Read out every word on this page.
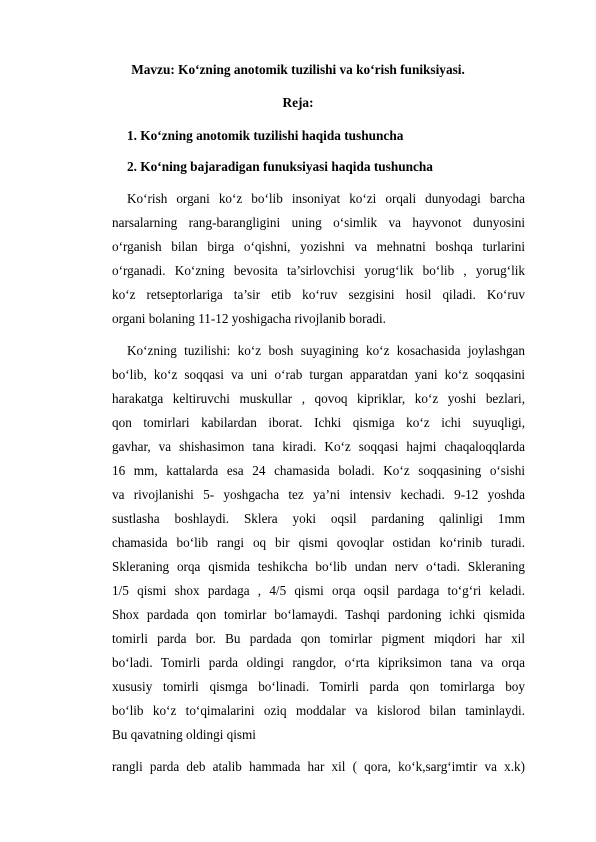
Mavzu: Ko‘zning anotomik tuzilishi va ko‘rish funiksiyasi.
Reja:
1. Ko‘zning anotomik tuzilishi haqida tushuncha
2. Ko‘ning bajaradigan funuksiyasi haqida tushuncha
Ko‘rish organi ko‘z bo‘lib insoniyat ko‘zi orqali dunyodagi barcha
narsalarning rang-baranglig‌ini uning o‘simlik va hayvonot dunyosini
o‘rganish bilan birga o‘qishni, yozishni va mehnatni boshqa turlarini
o‘rganadi. Ko‘zning bevosita ta’sirlovchisi yorug‘lik bo‘lib , yorug‘lik
ko‘z retseptorlariga ta’sir etib ko‘ruv sezgisini hosil qiladi. Ko‘ruv
organi bolaning 11-12 yoshigacha rivojlanib boradi.
Ko‘zning tuzilishi: ko‘z bosh suyagining ko‘z kosachasida joylashgan
bo‘lib, ko‘z soqqasi va uni o‘rab turgan apparatdan yani ko‘z soqqasini
harakatga keltiruvchi muskullar , qovoq kipriklar, ko‘z yoshi bezlari,
qon tomirlari kabilardan iborat. Ichki qismiga ko‘z ichi suyuqligi,
gavhar, va shishasimon tana kiradi. Ko‘z soqqasi hajmi chaqaloqqlarda
16 mm, kattalarda esa 24 chamasida boladi. Ko‘z soqqasining o‘sishi
va rivojlanishi 5- yoshgacha tez ya’ni intensiv kechadi. 9-12 yoshda
sustlasha boshlaydi. Sklera yoki oqsil pardaning qalinligi 1mm
chamasida bo‘lib rangi oq bir qismi qovoqlar ostidan ko‘rinib turadi.
Skleraning orqa qismida teshikcha bo‘lib undan nerv o‘tadi. Skleraning
1/5 qismi shox pardaga , 4/5 qismi orqa oqsil pardaga to‘g‘ri keladi.
Shox pardada qon tomirlar bo‘lamaydi. Tashqi pardoning ichki qismida
tomirli parda bor. Bu pardada qon tomirlar pigment miqdori har xil
bo‘ladi. Tomirli parda oldingi rangdor, o‘rta kipriksimon tana va orqa
xususiy tomirli qismga bo‘linadi. Tomirli parda qon tomirlarga boy
bo‘lib ko‘z to‘qimalarini oziq moddalar va kislorod bilan taminlaydi.
Bu qavatning oldingi qismi
rangli parda deb atalib hammada har xil ( qora, ko‘k,sarg‘imtir va x.k)
